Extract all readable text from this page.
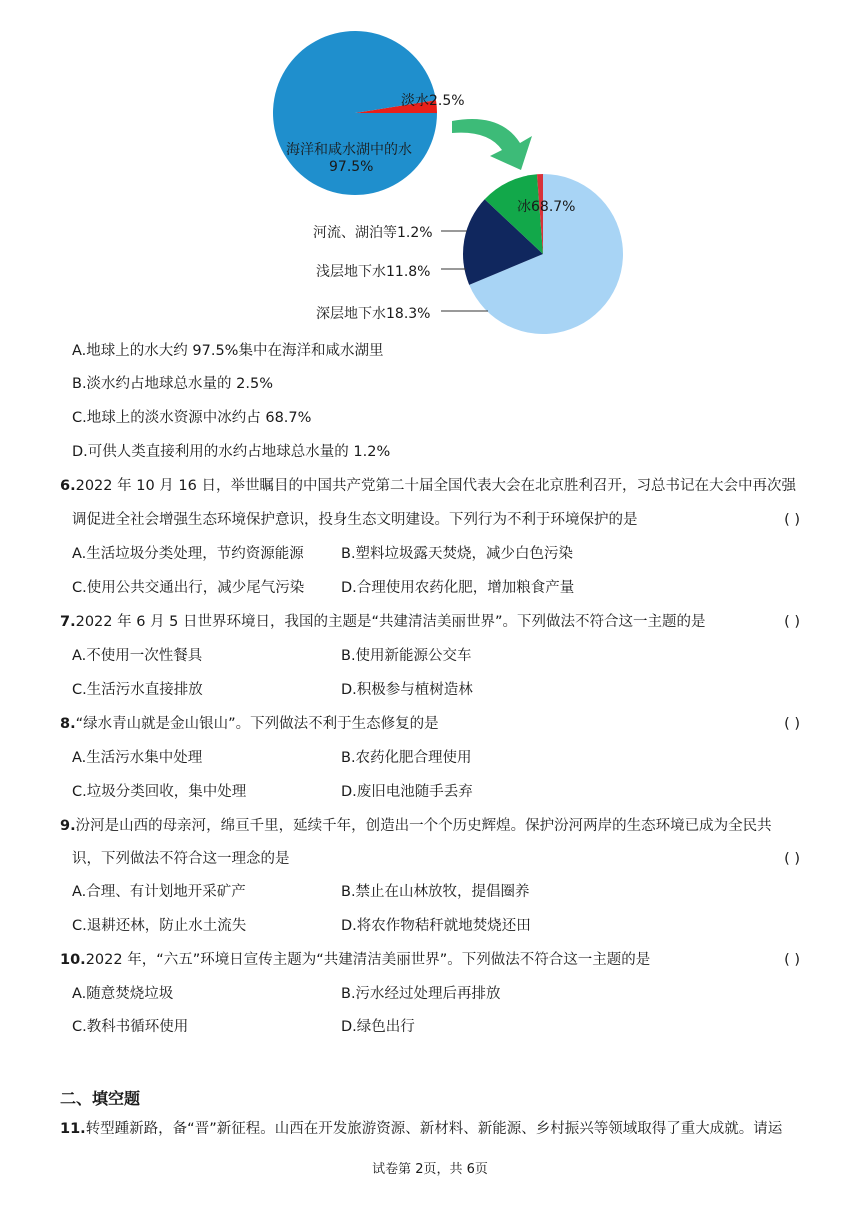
淡水2.5%
海洋和咸水湖中的水
97.5%
冰68.7%
河流、湖泊等1.2%
浅层地下水11.8%
深层地下水18.3%
A.地球上的水大约 97.5%集中在海洋和咸水湖里
B.淡水约占地球总水量的 2.5%
C.地球上的淡水资源中冰约占 68.7%
D.可供人类直接利用的水约占地球总水量的 1.2%
6.2022 年 10 月 16 日，举世瞩目的中国共产党第二十届全国代表大会在北京胜利召开，习总书记在大会中再次强
调促进全社会增强生态环境保护意识，投身生态文明建设。下列行为不利于环境保护的是	( )
A.生活垃圾分类处理，节约资源能源	B.塑料垃圾露天焚烧，减少白色污染
C.使用公共交通出行，减少尾气污染	D.合理使用农药化肥，增加粮食产量
7.2022 年 6 月 5 日世界环境日，我国的主题是“共建清洁美丽世界”。下列做法不符合这一主题的是	( )
A.不使用一次性餐具	B.使用新能源公交车
C.生活污水直接排放	D.积极参与植树造林
8.“绿水青山就是金山银山”。下列做法不利于生态修复的是	( )
A.生活污水集中处理	B.农药化肥合理使用
C.垃圾分类回收，集中处理	D.废旧电池随手丢弃
9.汾河是山西的母亲河，绵亘千里，延续千年，创造出一个个历史辉煌。保护汾河两岸的生态环境已成为全民共
识，下列做法不符合这一理念的是	( )
A.合理、有计划地开采矿产	B.禁止在山林放牧，提倡圈养
C.退耕还林，防止水土流失	D.将农作物秸秆就地焚烧还田
10.2022 年，“六五”环境日宣传主题为“共建清洁美丽世界”。下列做法不符合这一主题的是	( )
A.随意焚烧垃圾	B.污水经过处理后再排放
C.教科书循环使用	D.绿色出行
二、填空题
11.转型踵新路，备“晋”新征程。山西在开发旅游资源、新材料、新能源、乡村振兴等领域取得了重大成就。请运
试卷第 2页，共 6页
